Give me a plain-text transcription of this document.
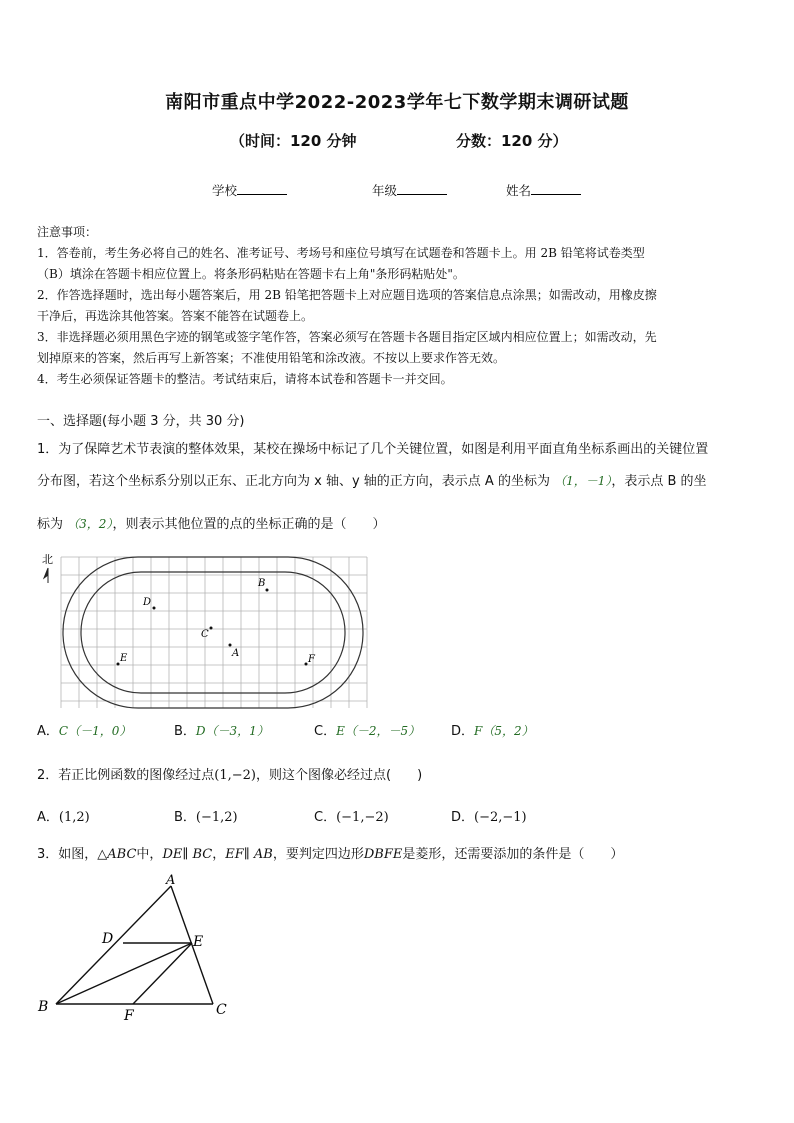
南阳市重点中学2022-2023学年七下数学期末调研试题
（时间：120 分钟	分数：120 分）
学校	年级	姓名
注意事项：
1．答卷前，考生务必将自己的姓名、准考证号、考场号和座位号填写在试题卷和答题卡上。用 2B 铅笔将试卷类型
（B）填涂在答题卡相应位置上。将条形码粘贴在答题卡右上角"条形码粘贴处"。
2．作答选择题时，选出每小题答案后，用 2B 铅笔把答题卡上对应题目选项的答案信息点涂黑；如需改动，用橡皮擦
干净后，再选涂其他答案。答案不能答在试题卷上。
3．非选择题必须用黑色字迹的钢笔或签字笔作答，答案必须写在答题卡各题目指定区域内相应位置上；如需改动，先
划掉原来的答案，然后再写上新答案；不准使用铅笔和涂改液。不按以上要求作答无效。
4．考生必须保证答题卡的整洁。考试结束后，请将本试卷和答题卡一并交回。
一、选择题(每小题 3 分，共 30 分)
1．为了保障艺术节表演的整体效果，某校在操场中标记了几个关键位置，如图是利用平面直角坐标系画出的关键位置
分布图，若这个坐标系分别以正东、正北方向为 x 轴、y 轴的正方向，表示点 A 的坐标为 （1，－1），表示点 B 的坐
标为 （3，2），则表示其他位置的点的坐标正确的是（　　）
北
B
D
C
A
E	F
A．C（－1，0）	B．D（－3，1）	C．E（－2，－5） D．F（5，2）
2．若正比例函数的图像经过点(1,−2)，则这个图像必经过点(　　)
A．(1,2)	B．(−1,2)	C．(−1,−2)	D．(−2,−1)
3．如图，△ABC中，DE∥ BC，EF∥ AB，要判定四边形DBFE是菱形，还需要添加的条件是（　　）
A
D	E
B
F	C
